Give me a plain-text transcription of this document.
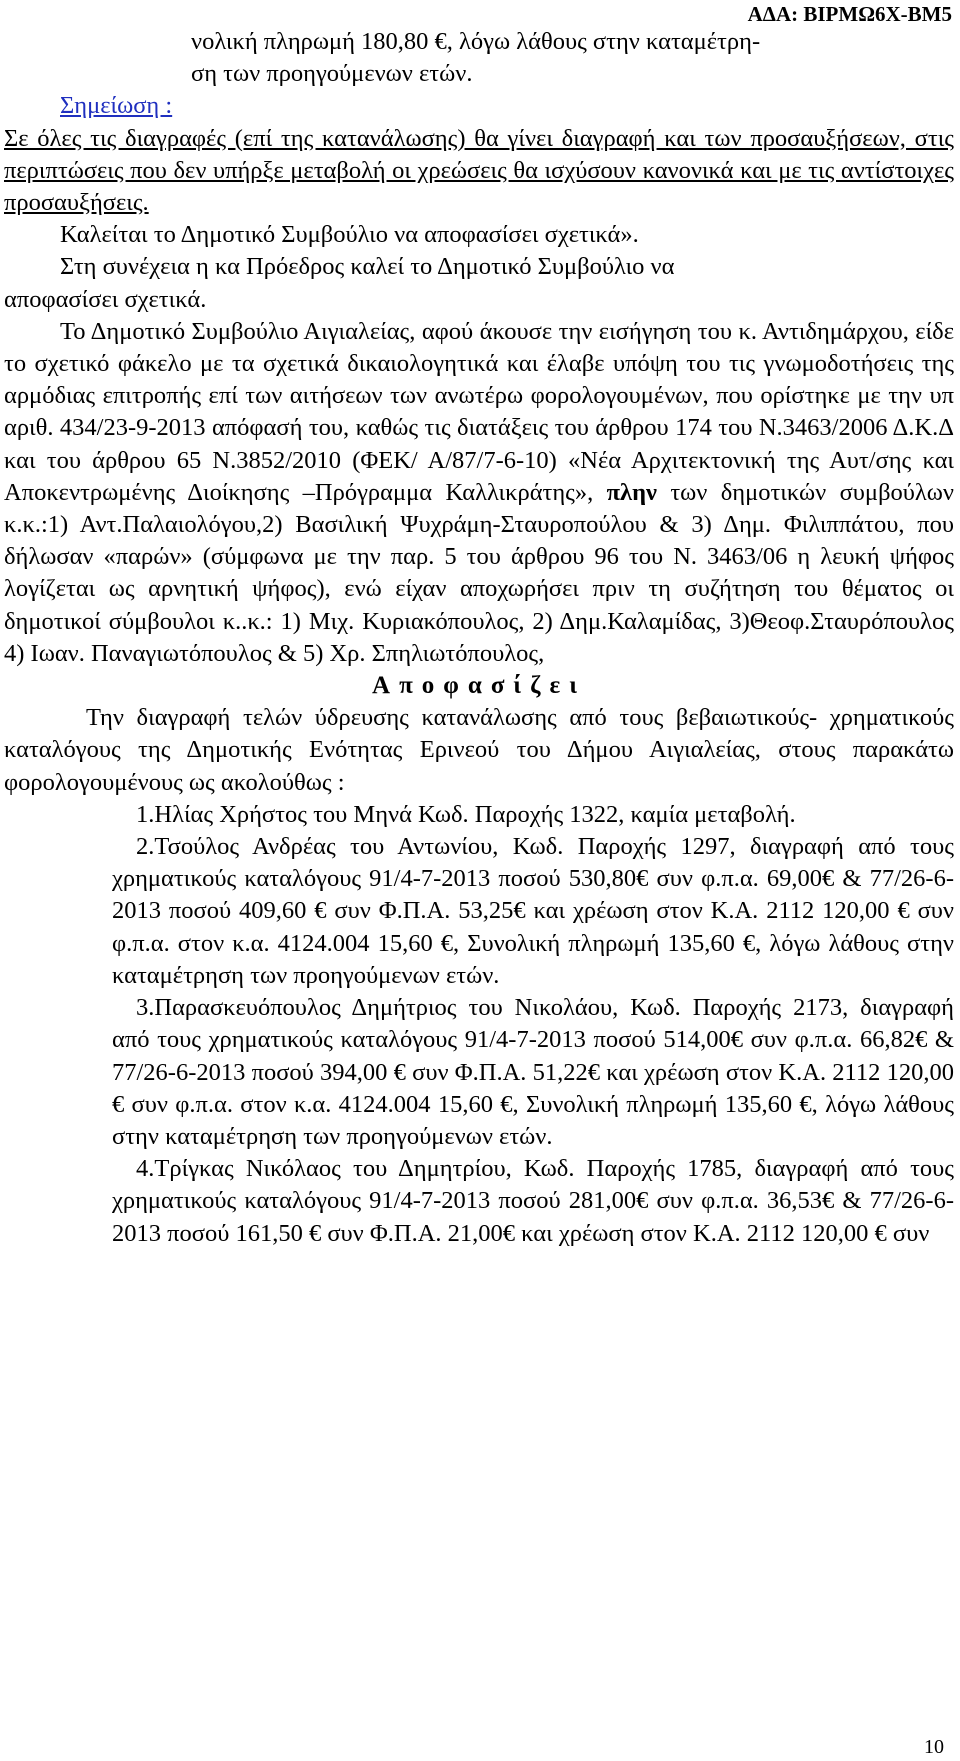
ΑΔΑ: ΒΙΡΜΩ6Χ-ΒΜ5

νολική πληρωμή 180,80 €, λόγω λάθους στην καταμέτρη-

ση των προηγούμενων ετών.

Σημείωση :

Σε όλες τις διαγραφές (επί της κατανάλωσης) θα γίνει διαγραφή και των προσαυξήσεων, στις περιπτώσεις που δεν υπήρξε μεταβολή οι χρεώσεις θα ισχύσουν κανονικά και με τις αντίστοιχες προσαυξήσεις.

Καλείται το Δημοτικό Συμβούλιο να αποφασίσει σχετικά».

Στη συνέχεια η κα Πρόεδρος καλεί το Δημοτικό Συμβούλιο να

αποφασίσει σχετικά.

Το Δημοτικό Συμβούλιο Αιγιαλείας, αφού άκουσε την εισήγηση του κ. Αντιδημάρχου, είδε το σχετικό φάκελο με τα σχετικά δικαιολογητικά και έλαβε υπόψη του τις γνωμοδοτήσεις της αρμόδιας επιτροπής επί των αιτήσεων των ανωτέρω φορολογουμένων, που ορίστηκε με την υπ αριθ. 434/23-9-2013 απόφασή του, καθώς τις διατάξεις του άρθρου 174 του Ν.3463/2006 Δ.Κ.Δ και του άρθρου 65 Ν.3852/2010 (ΦΕΚ/ Α/87/7-6-10) «Νέα Αρχιτεκτονική της Αυτ/σης και Αποκεντρωμένης Διοίκησης –Πρόγραμμα Καλλικράτης», πλην των δημοτικών συμβούλων κ.κ.:1) Αντ.Παλαιολόγου,2) Βασιλική Ψυχράμη-Σταυροπούλου & 3) Δημ. Φιλιππάτου, που δήλωσαν «παρών» (σύμφωνα με την παρ. 5 του άρθρου 96 του Ν. 3463/06 η λευκή ψήφος λογίζεται ως αρνητική ψήφος), ενώ είχαν αποχωρήσει πριν τη συζήτηση του θέματος οι δημοτικοί σύμβουλοι κ..κ.: 1) Μιχ. Κυριακόπουλος, 2) Δημ.Καλαμίδας, 3)Θεοφ.Σταυρόπουλος 4) Ιωαν. Παναγιωτόπουλος & 5) Χρ. Σπηλιωτόπουλος,

Αποφασίζει

Την διαγραφή τελών ύδρευσης κατανάλωσης από τους βεβαιωτικούς- χρηματικούς καταλόγους της Δημοτικής Ενότητας Ερινεού του Δήμου Αιγιαλείας, στους παρακάτω φορολογουμένους ως ακολούθως :

1.Ηλίας Χρήστος του Μηνά Κωδ. Παροχής 1322, καμία μεταβολή.

2.Τσούλος Ανδρέας του Αντωνίου, Κωδ. Παροχής 1297, διαγραφή από τους χρηματικούς καταλόγους 91/4-7-2013 ποσού 530,80€ συν φ.π.α. 69,00€ & 77/26-6-2013 ποσού 409,60 € συν Φ.Π.Α. 53,25€ και χρέωση στον Κ.Α. 2112 120,00 € συν φ.π.α. στον κ.α. 4124.004 15,60 €, Συνολική πληρωμή 135,60 €, λόγω λάθους στην καταμέτρηση των προηγούμενων ετών.

3.Παρασκευόπουλος Δημήτριος του Νικολάου, Κωδ. Παροχής 2173, διαγραφή από τους χρηματικούς καταλόγους 91/4-7-2013 ποσού 514,00€ συν φ.π.α. 66,82€ & 77/26-6-2013 ποσού 394,00 € συν Φ.Π.Α. 51,22€ και χρέωση στον Κ.Α. 2112 120,00 € συν φ.π.α. στον κ.α. 4124.004 15,60 €, Συνολική πληρωμή 135,60 €, λόγω λάθους στην καταμέτρηση των προηγούμενων ετών.

4.Τρίγκας Νικόλαος του Δημητρίου, Κωδ. Παροχής 1785, διαγραφή από τους χρηματικούς καταλόγους 91/4-7-2013 ποσού 281,00€ συν φ.π.α. 36,53€ & 77/26-6-2013 ποσού 161,50 € συν Φ.Π.Α. 21,00€ και χρέωση στον Κ.Α. 2112 120,00 € συν

10
